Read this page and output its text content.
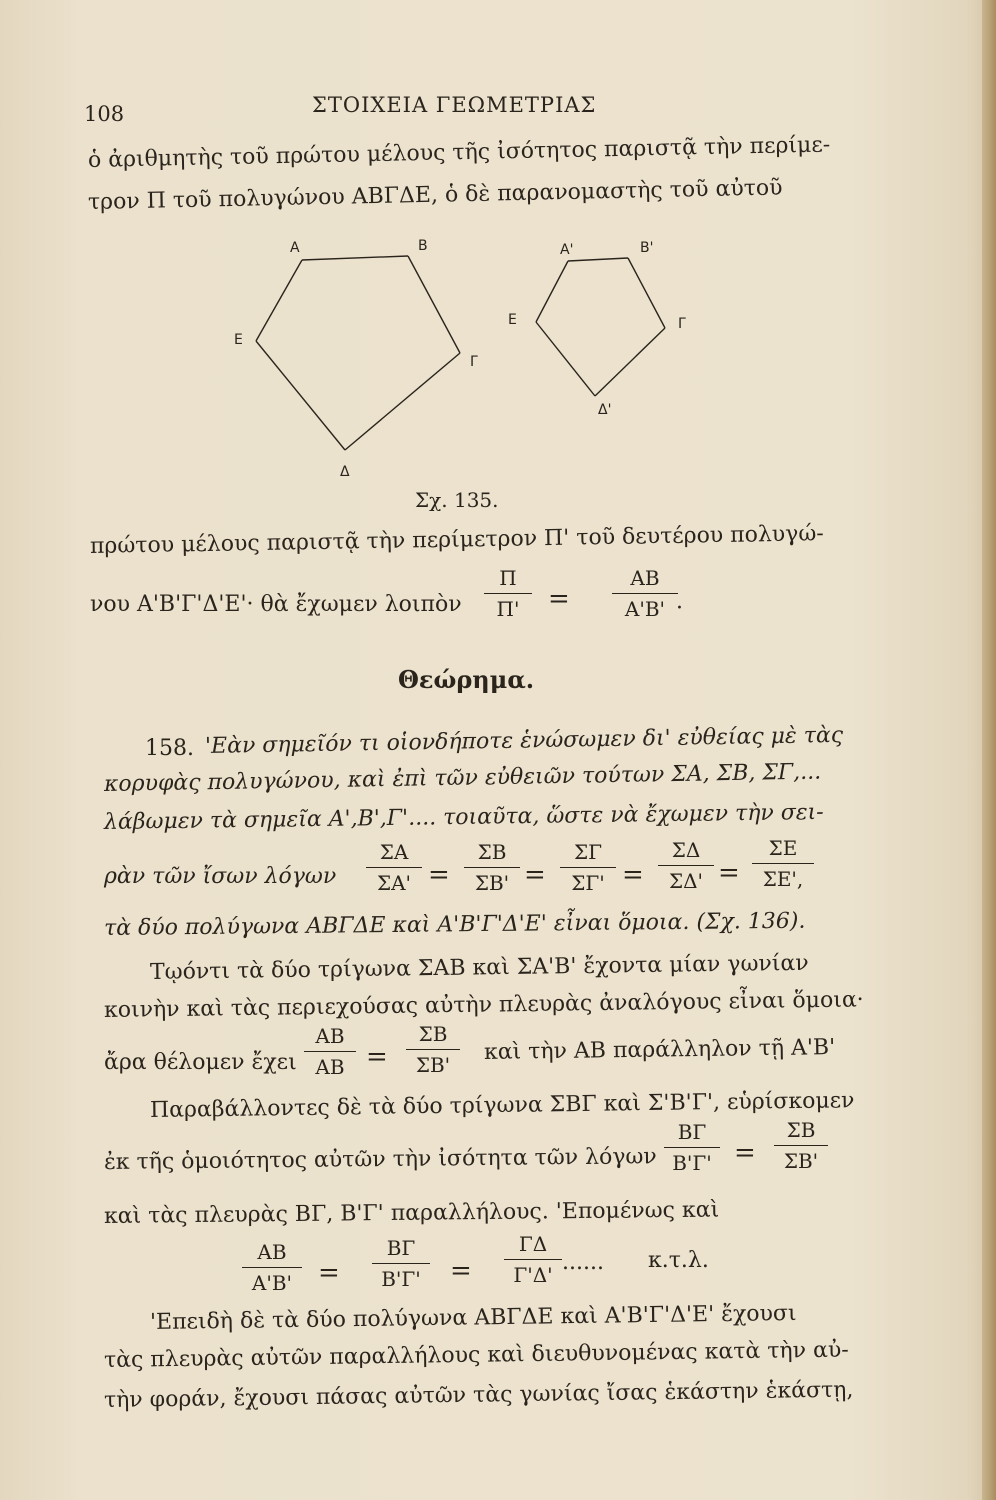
108	ΣΤΟΙΧΕΙΑ ΓΕΩΜΕΤΡΙΑΣ
ὁ ἀριθμητὴς τοῦ πρώτου μέλους τῆς ἰσότητος παριστᾷ τὴν περίμε-
τρον Π τοῦ πολυγώνου ΑΒΓΔΕ, ὁ δὲ παρανομαστὴς τοῦ αὐτοῦ
Α	Β
Γ
Δ
Ε
Α'	Β'
Γ
Δ'
Ε
Σχ. 135.
πρώτου μέλους παριστᾷ τὴν περίμετρον Π' τοῦ δευτέρου πολυγώ-
νου Α'Β'Γ'Δ'Ε'· θὰ ἔχωμεν λοιπὸν $\frac{\Pi}{\Pi'} = \frac{AB}{A'B'}$
·
Θεώρημα.
158. 'Εὰν σημεῖόν τι οἱονδήποτε ἑνώσωμεν δι' εὐθείας μὲ τὰς
κορυφὰς πολυγώνου, καὶ ἐπὶ τῶν εὐθειῶν τούτων ΣΑ, ΣΒ, ΣΓ,...
λάβωμεν τὰ σημεῖα Α',Β',Γ'.... τοιαῦτα, ὥστε νὰ ἔχωμεν τὴν σει-
ρὰν τῶν ἴσων λόγων $\frac{\Sigma A}{\Sigma A'} = \frac{\Sigma B}{\Sigma B'} = \frac{\Sigma\Gamma}{\Sigma\Gamma'} = \frac{\Sigma\Delta}{\Sigma\Delta'} = \frac{\Sigma E}{\Sigma E',}$
τὰ δύο πολύγωνα ΑΒΓΔΕ καὶ Α'Β'Γ'Δ'Ε' εἶναι ὅμοια. (Σχ. 136).
Τῳόντι τὰ δύο τρίγωνα ΣΑΒ καὶ ΣΑ'Β' ἔχοντα μίαν γωνίαν
κοινὴν καὶ τὰς περιεχούσας αὐτὴν πλευρὰς ἀναλόγους εἶναι ὅμοια·
ἄρα θέλομεν ἔχει $\frac{AB}{AB} = \frac{\Sigma B}{\Sigma B'}$ καὶ τὴν ΑΒ παράλληλον τῇ Α'Β'
Παραβάλλοντες δὲ τὰ δύο τρίγωνα ΣΒΓ καὶ Σ'Β'Γ', εὑρίσκομεν
ἐκ τῆς ὁμοιότητος αὐτῶν τὴν ἰσότητα τῶν λόγων $\frac{B\Gamma}{B'\Gamma'} = \frac{\Sigma B}{\Sigma B'}$
καὶ τὰς πλευρὰς ΒΓ, Β'Γ' παραλλήλους. 'Επομένως καὶ
$\frac{AB}{A'B'} = \frac{B\Gamma}{B'\Gamma'} = \frac{\Gamma\Delta}{\Gamma'\Delta'}$ ...... κ.τ.λ.
'Επειδὴ δὲ τὰ δύο πολύγωνα ΑΒΓΔΕ καὶ Α'Β'Γ'Δ'Ε' ἔχουσι
τὰς πλευρὰς αὐτῶν παραλλήλους καὶ διευθυνομένας κατὰ τὴν αὐ-
τὴν φοράν, ἔχουσι πάσας αὐτῶν τὰς γωνίας ἴσας ἑκάστην ἑκάστῃ,
